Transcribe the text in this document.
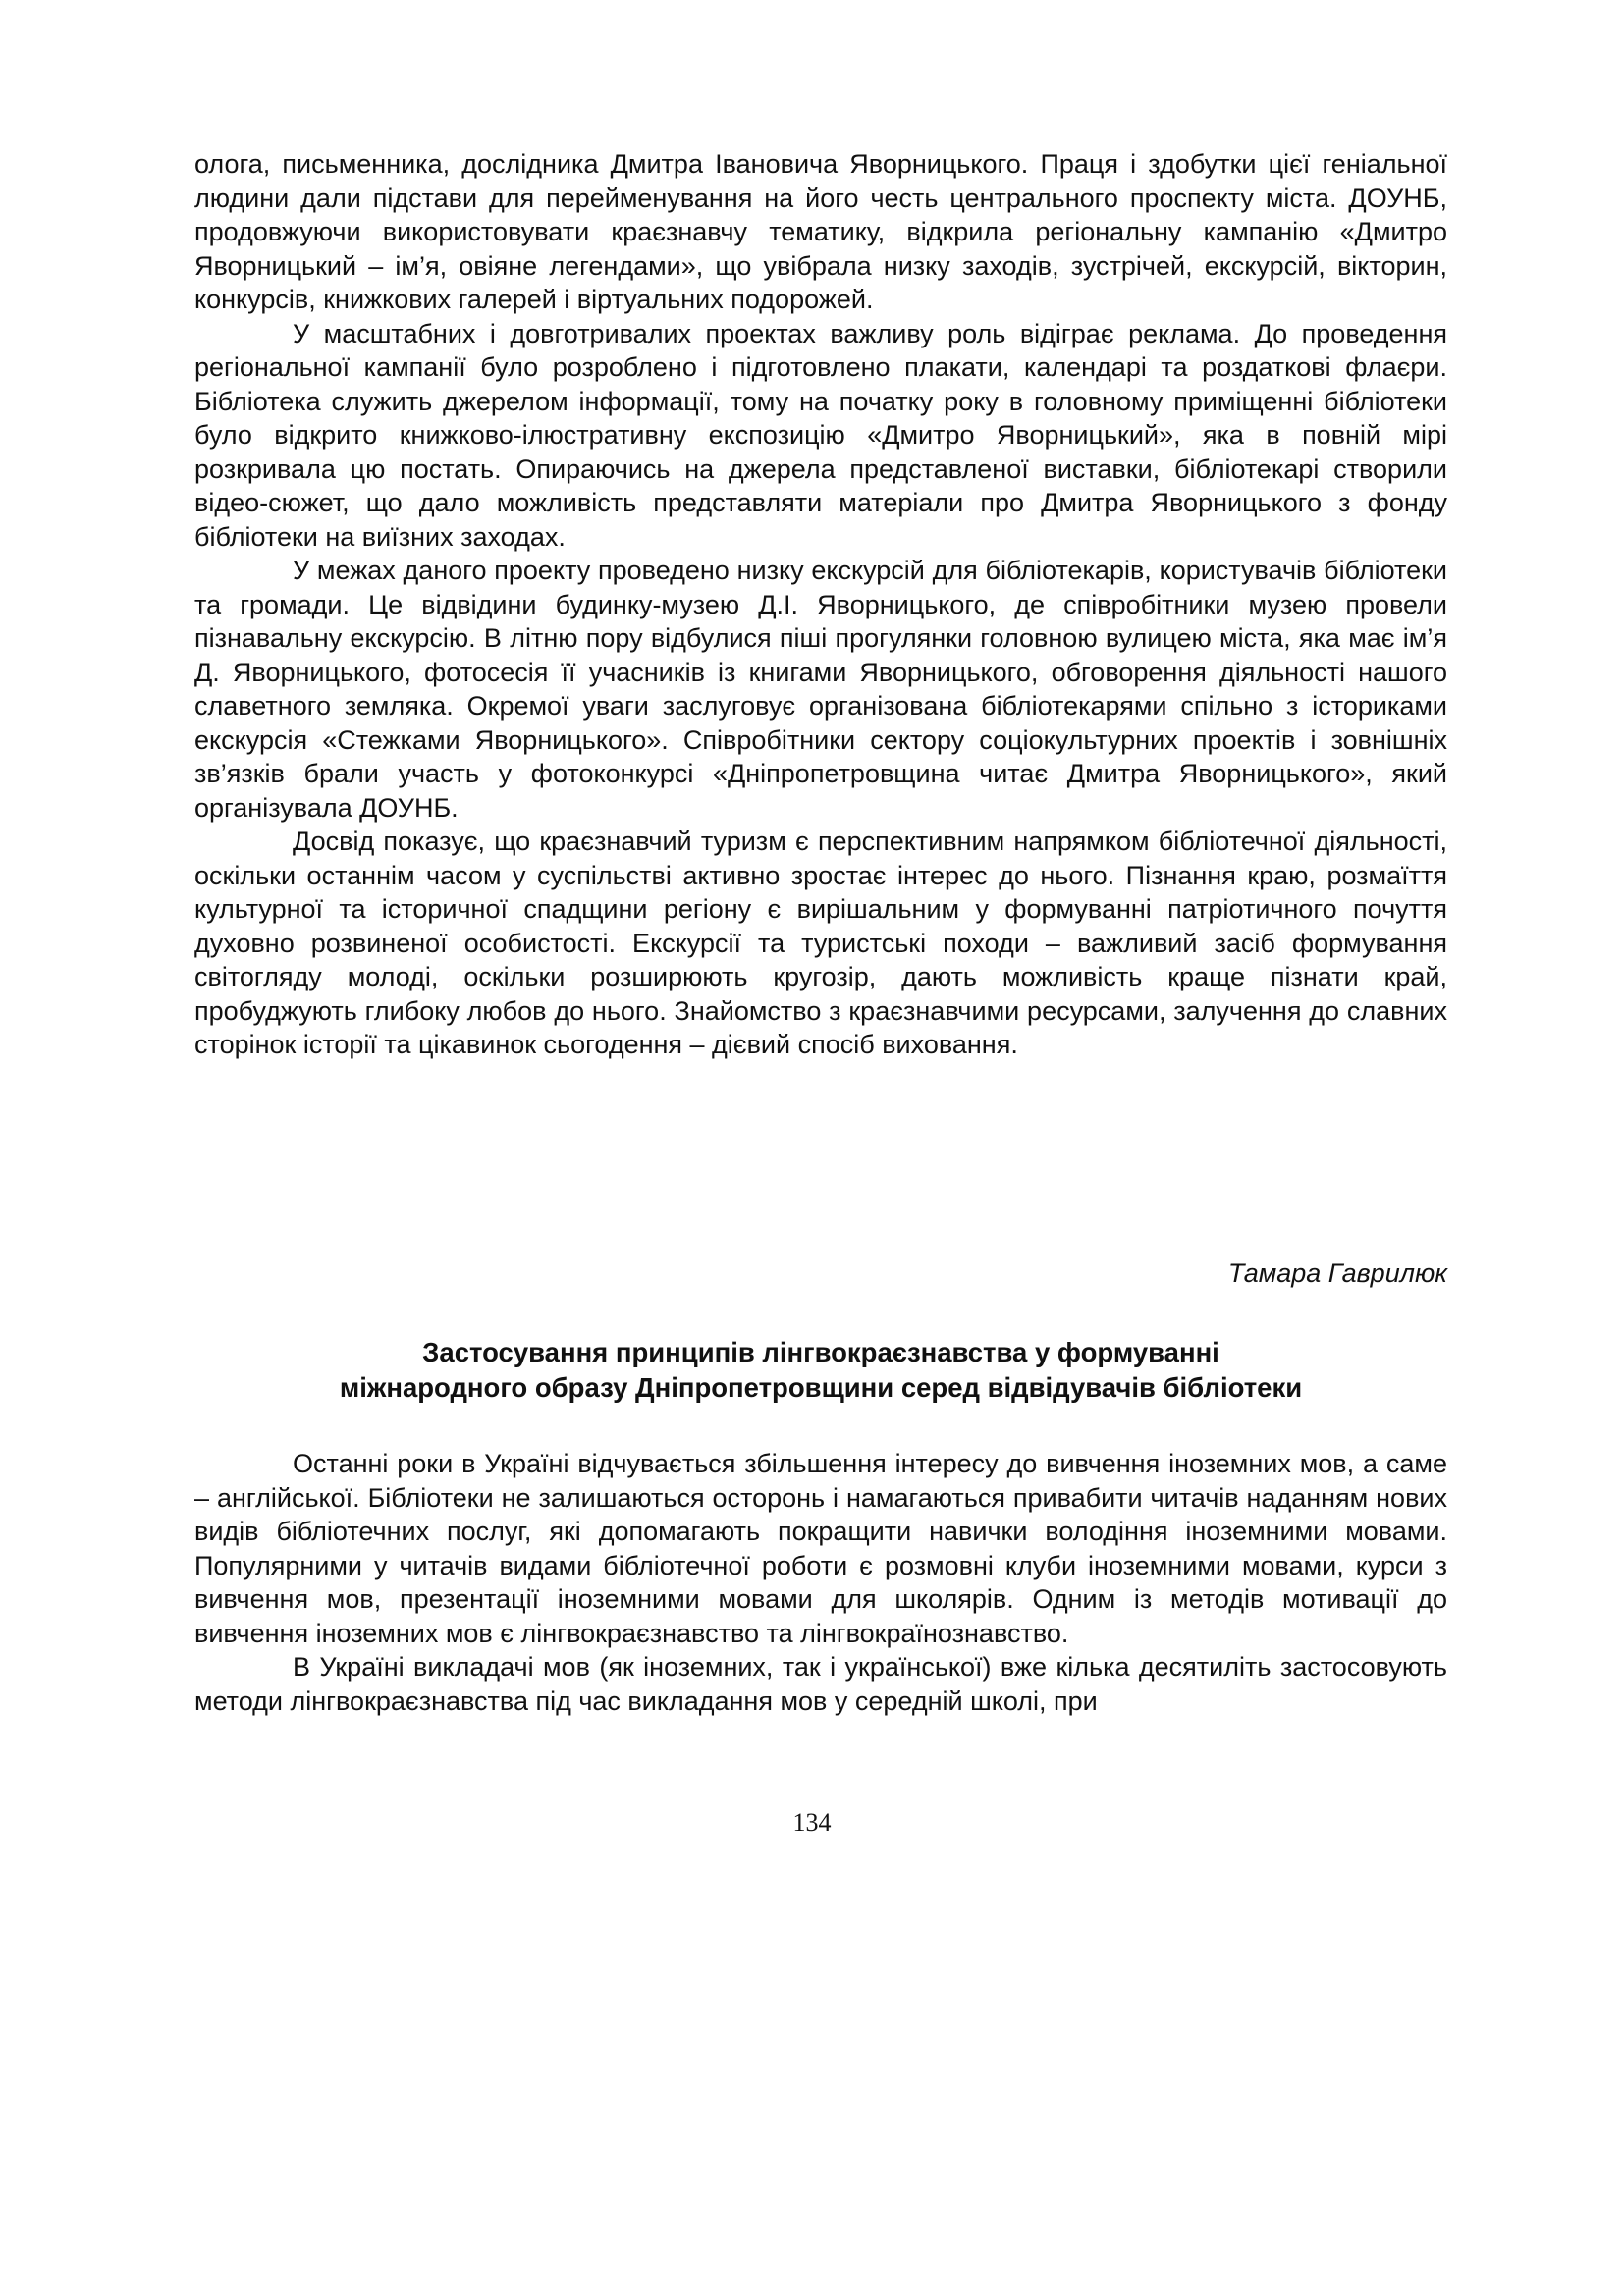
олога, письменника, дослідника Дмитра Івановича Яворницького. Праця і здобутки цієї геніальної людини дали підстави для перейменування на його честь центрального проспекту міста. ДОУНБ, продовжуючи використовувати краєзнавчу тематику, відкрила регіональну кампанію «Дмитро Яворницький – ім’я, овіяне легендами», що увібрала низку заходів, зустрічей, екскурсій, вікторин, конкурсів, книжкових галерей і віртуальних подорожей.

У масштабних і довготривалих проектах важливу роль відіграє реклама. До проведення регіональної кампанії було розроблено і підготовлено плакати, календарі та роздаткові флаєри. Бібліотека служить джерелом інформації, тому на початку року в головному приміщенні бібліотеки було відкрито книжково-ілюстративну експозицію «Дмитро Яворницький», яка в повній мірі розкривала цю постать. Опираючись на джерела представленої виставки, бібліотекарі створили відео-сюжет, що дало можливість представляти матеріали про Дмитра Яворницького з фонду бібліотеки на виїзних заходах.

У межах даного проекту проведено низку екскурсій для бібліотекарів, користувачів бібліотеки та громади. Це відвідини будинку-музею Д.І. Яворницького, де співробітники музею провели пізнавальну екскурсію. В літню пору відбулися піші прогулянки головною вулицею міста, яка має ім’я Д. Яворницького, фотосесія її учасників із книгами Яворницького, обговорення діяльності нашого славетного земляка. Окремої уваги заслуговує організована бібліотекарями спільно з істориками екскурсія «Стежками Яворницького». Співробітники сектору соціокультурних проектів і зовнішніх зв’язків брали участь у фотоконкурсі «Дніпропетровщина читає Дмитра Яворницького», який організувала ДОУНБ.

Досвід показує, що краєзнавчий туризм є перспективним напрямком бібліотечної діяльності, оскільки останнім часом у суспільстві активно зростає інтерес до нього. Пізнання краю, розмаїття культурної та історичної спадщини регіону є вирішальним у формуванні патріотичного почуття духовно розвиненої особистості. Екскурсії та туристські походи – важливий засіб формування світогляду молоді, оскільки розширюють кругозір, дають можливість краще пізнати край, пробуджують глибоку любов до нього. Знайомство з краєзнавчими ресурсами, залучення до славних сторінок історії та цікавинок сьогодення – дієвий спосіб виховання.

Тамара Гаврилюк

Застосування принципів лінгвокраєзнавства у формуванні
міжнародного образу Дніпропетровщини серед відвідувачів бібліотеки

Останні роки в Україні відчувається збільшення інтересу до вивчення іноземних мов, а саме – англійської. Бібліотеки не залишаються осторонь і намагаються привабити читачів наданням нових видів бібліотечних послуг, які допомагають покращити навички володіння іноземними мовами. Популярними у читачів видами бібліотечної роботи є розмовні клуби іноземними мовами, курси з вивчення мов, презентації іноземними мовами для школярів. Одним із методів мотивації до вивчення іноземних мов є лінгвокраєзнавство та лінгвокраїнознавство.

В Україні викладачі мов (як іноземних, так і української) вже кілька десятиліть застосовують методи лінгвокраєзнавства під час викладання мов у середній школі, при

134
